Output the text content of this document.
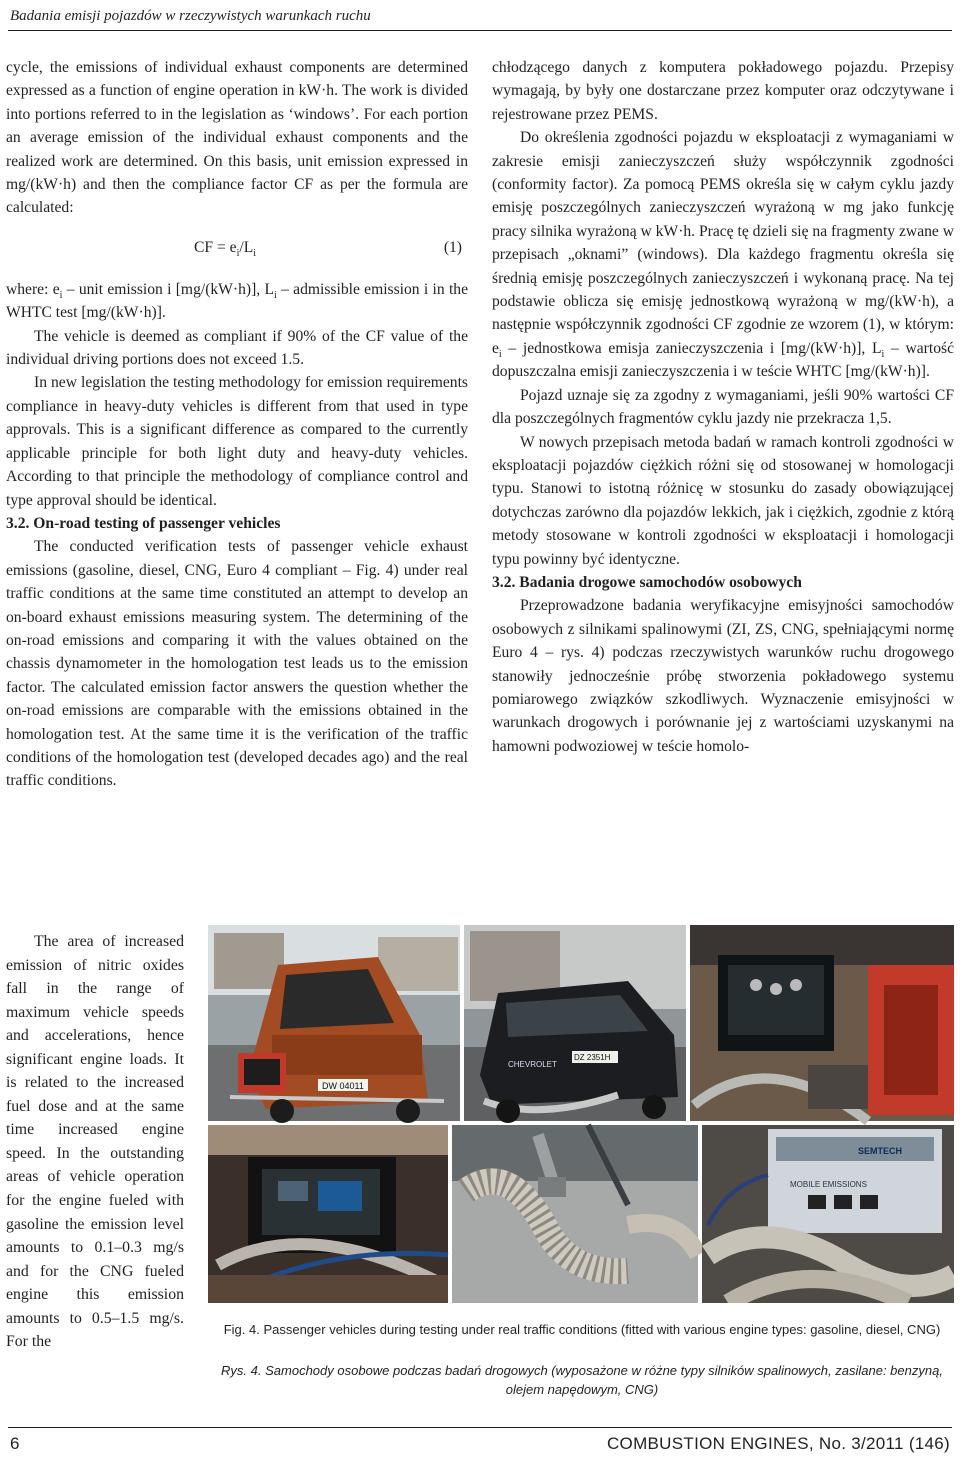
Badania emisji pojazdów w rzeczywistych warunkach ruchu

cycle, the emissions of individual exhaust components are determined expressed as a function of engine operation in kW·h. The work is divided into portions referred to in the legislation as ‘windows’. For each portion an average emission of the individual exhaust components and the realized work are determined. On this basis, unit emission expressed in mg/(kW·h) and then the compliance factor CF as per the formula are calculated:

CF = $e_i/L_i$	(1)

where: $e_i$ – unit emission i [mg/(kW·h)], $L_i$ – admissible emission i in the WHTC test [mg/(kW·h)].

The vehicle is deemed as compliant if 90% of the CF value of the individual driving portions does not exceed 1.5.

In new legislation the testing methodology for emission requirements compliance in heavy-duty vehicles is different from that used in type approvals. This is a significant difference as compared to the currently applicable principle for both light duty and heavy-duty vehicles. According to that principle the methodology of compliance control and type approval should be identical.

3.2. On-road testing of passenger vehicles

The conducted verification tests of passenger vehicle exhaust emissions (gasoline, diesel, CNG, Euro 4 compliant – Fig. 4) under real traffic conditions at the same time constituted an attempt to develop an on-board exhaust emissions measuring system. The determining of the on-road emissions and comparing it with the values obtained on the chassis dynamometer in the homologation test leads us to the emission factor. The calculated emission factor answers the question whether the on-road emissions are comparable with the emissions obtained in the homologation test. At the same time it is the verification of the traffic conditions of the homologation test (developed decades ago) and the real traffic conditions.

The area of increased emission of nitric oxides fall in the range of maximum vehicle speeds and accelerations, hence significant engine loads. It is related to the increased fuel dose and at the same time increased engine speed. In the outstanding areas of vehicle operation for the engine fueled with gasoline the emission level amounts to 0.1–0.3 mg/s and for the CNG fueled engine this emission amounts to 0.5–1.5 mg/s. For the

chłodzącego danych z komputera pokładowego pojazdu. Przepisy wymagają, by były one dostarczane przez komputer oraz odczytywane i rejestrowane przez PEMS.

Do określenia zgodności pojazdu w eksploatacji z wymaganiami w zakresie emisji zanieczyszczeń służy współczynnik zgodności (conformity factor). Za pomocą PEMS określa się w całym cyklu jazdy emisję poszczególnych zanieczyszczeń wyrażoną w mg jako funkcję pracy silnika wyrażoną w kW·h. Pracę tę dzieli się na fragmenty zwane w przepisach „oknami” (windows). Dla każdego fragmentu określa się średnią emisję poszczególnych zanieczyszczeń i wykonaną pracę. Na tej podstawie oblicza się emisję jednostkową wyrażoną w mg/(kW·h), a następnie współczynnik zgodności CF zgodnie ze wzorem (1), w którym: $e_i$ – jednostkowa emisja zanieczyszczenia i [mg/(kW·h)], $L_i$ – wartość dopuszczalna emisji zanieczyszczenia i w teście WHTC [mg/(kW·h)].

Pojazd uznaje się za zgodny z wymaganiami, jeśli 90% wartości CF dla poszczególnych fragmentów cyklu jazdy nie przekracza 1,5.

W nowych przepisach metoda badań w ramach kontroli zgodności w eksploatacji pojazdów ciężkich różni się od stosowanej w homologacji typu. Stanowi to istotną różnicę w stosunku do zasady obowiązującej dotychczas zarówno dla pojazdów lekkich, jak i ciężkich, zgodnie z którą metody stosowane w kontroli zgodności w eksploatacji i homologacji typu powinny być identyczne.

3.2. Badania drogowe samochodów osobowych

Przeprowadzone badania weryfikacyjne emisyjności samochodów osobowych z silnikami spalinowymi (ZI, ZS, CNG, spełniającymi normę Euro 4 – rys. 4) podczas rzeczywistych warunków ruchu drogowego stanowiły jednocześnie próbę stworzenia pokładowego systemu pomiarowego związków szkodliwych. Wyznaczenie emisyjności w warunkach drogowych i porównanie jej z wartościami uzyskanymi na hamowni podwoziowej w teście homolo-

DW 04011
DZ 2351H
CHEVROLET
SEMTECH
MOBILE EMISSIONS
Fig. 4. Passenger vehicles during testing under real traffic conditions (fitted with various engine types: gasoline, diesel, CNG)
Rys. 4. Samochody osobowe podczas badań drogowych (wyposażone w różne typy silników spalinowych, zasilane: benzyną, olejem napędowym, CNG)
6	COMBUSTION ENGINES, No. 3/2011 (146)
